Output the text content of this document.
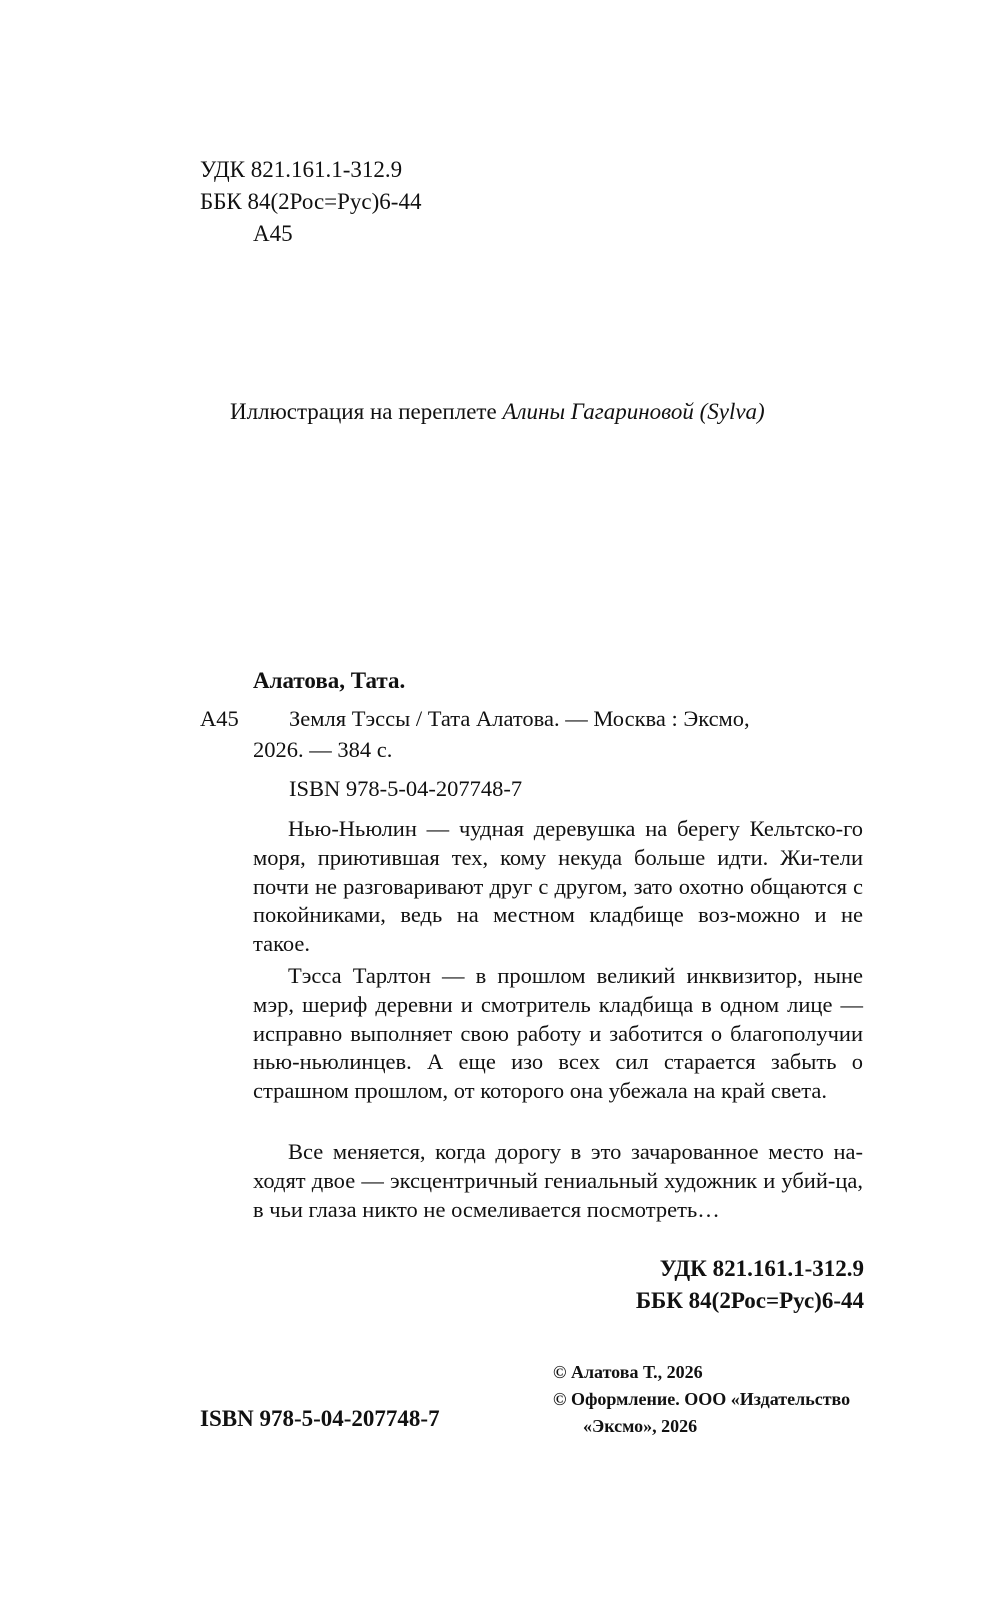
УДК 821.161.1-312.9
ББК 84(2Рос=Рус)6-44
А45
Иллюстрация на переплете Алины Гагариновой (Sylva)
Алатова, Тата.
А45 Земля Тэссы / Тата Алатова. — Москва : Эксмо,
2026. — 384 с.
ISBN 978-5-04-207748-7
Нью-Ньюлин — чудная деревушка на берегу Кельтско-го моря, приютившая тех, кому некуда больше идти. Жи-тели почти не разговаривают друг с другом, зато охотно общаются с покойниками, ведь на местном кладбище воз-можно и не такое.
Тэсса Тарлтон — в прошлом великий инквизитор, ныне мэр, шериф деревни и смотритель кладбища в одном лице — исправно выполняет свою работу и заботится о благополучии нью-ньюлинцев. А еще изо всех сил старается забыть о страшном прошлом, от которого она убежала на край света.
Все меняется, когда дорогу в это зачарованное место на-ходят двое — эксцентричный гениальный художник и убий-ца, в чьи глаза никто не осмеливается посмотреть…
УДК 821.161.1-312.9
ББК 84(2Рос=Рус)6-44
ISBN 978-5-04-207748-7
© Алатова Т., 2026
© Оформление. ООО «Издательство
«Эксмо», 2026
